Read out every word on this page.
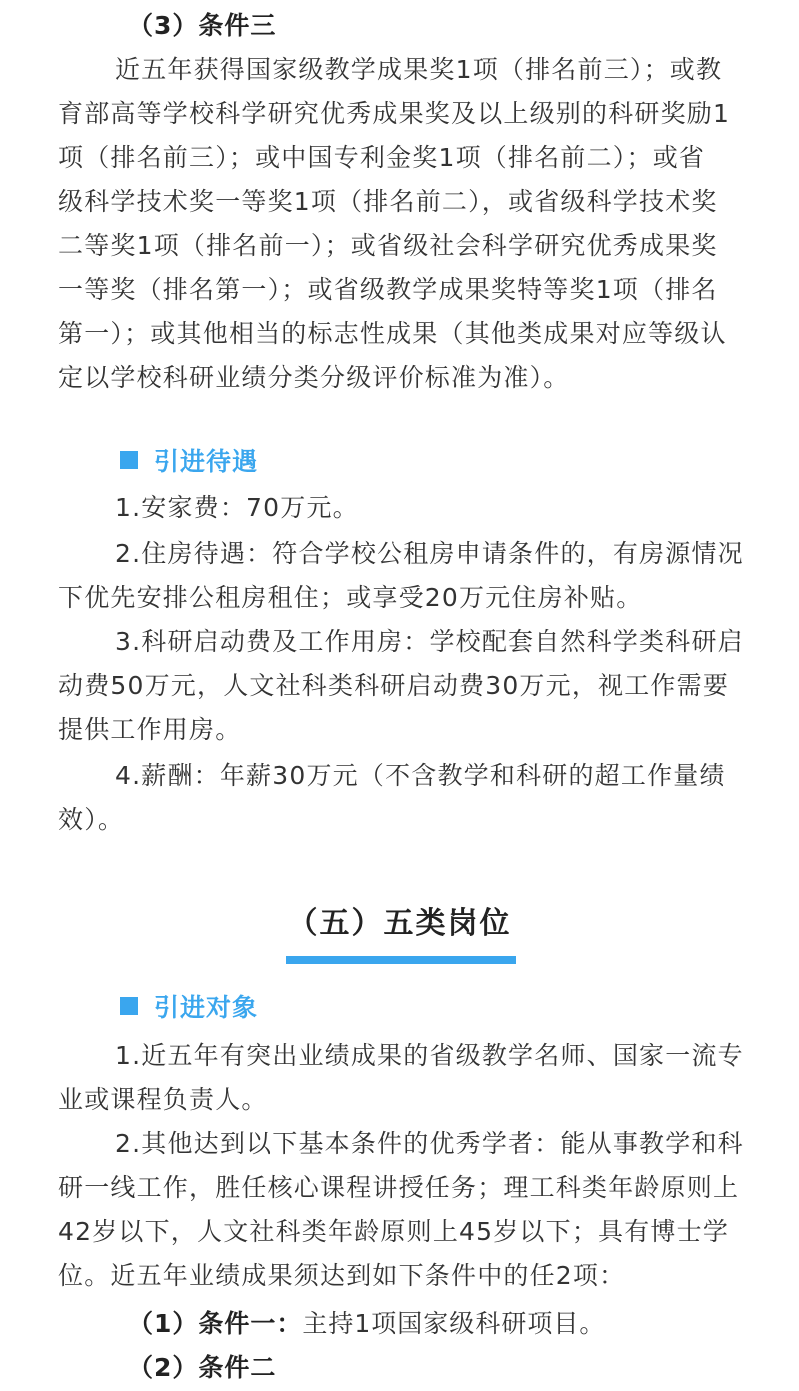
（3）条件三
近五年获得国家级教学成果奖1项（排名前三）；或教
育部高等学校科学研究优秀成果奖及以上级别的科研奖励1
项（排名前三）；或中国专利金奖1项（排名前二）；或省
级科学技术奖一等奖1项（排名前二），或省级科学技术奖
二等奖1项（排名前一）；或省级社会科学研究优秀成果奖
一等奖（排名第一）；或省级教学成果奖特等奖1项（排名
第一）；或其他相当的标志性成果（其他类成果对应等级认
定以学校科研业绩分类分级评价标准为准）。
引进待遇
1.安家费：70万元。
2.住房待遇：符合学校公租房申请条件的，有房源情况
下优先安排公租房租住；或享受20万元住房补贴。
3.科研启动费及工作用房：学校配套自然科学类科研启
动费50万元，人文社科类科研启动费30万元，视工作需要
提供工作用房。
4.薪酬：年薪30万元（不含教学和科研的超工作量绩
效）。
（五）五类岗位
引进对象
1.近五年有突出业绩成果的省级教学名师、国家一流专
业或课程负责人。
2.其他达到以下基本条件的优秀学者：能从事教学和科
研一线工作，胜任核心课程讲授任务；理工科类年龄原则上
42岁以下，人文社科类年龄原则上45岁以下；具有博士学
位。近五年业绩成果须达到如下条件中的任2项：
（1）条件一：主持1项国家级科研项目。
（2）条件二
